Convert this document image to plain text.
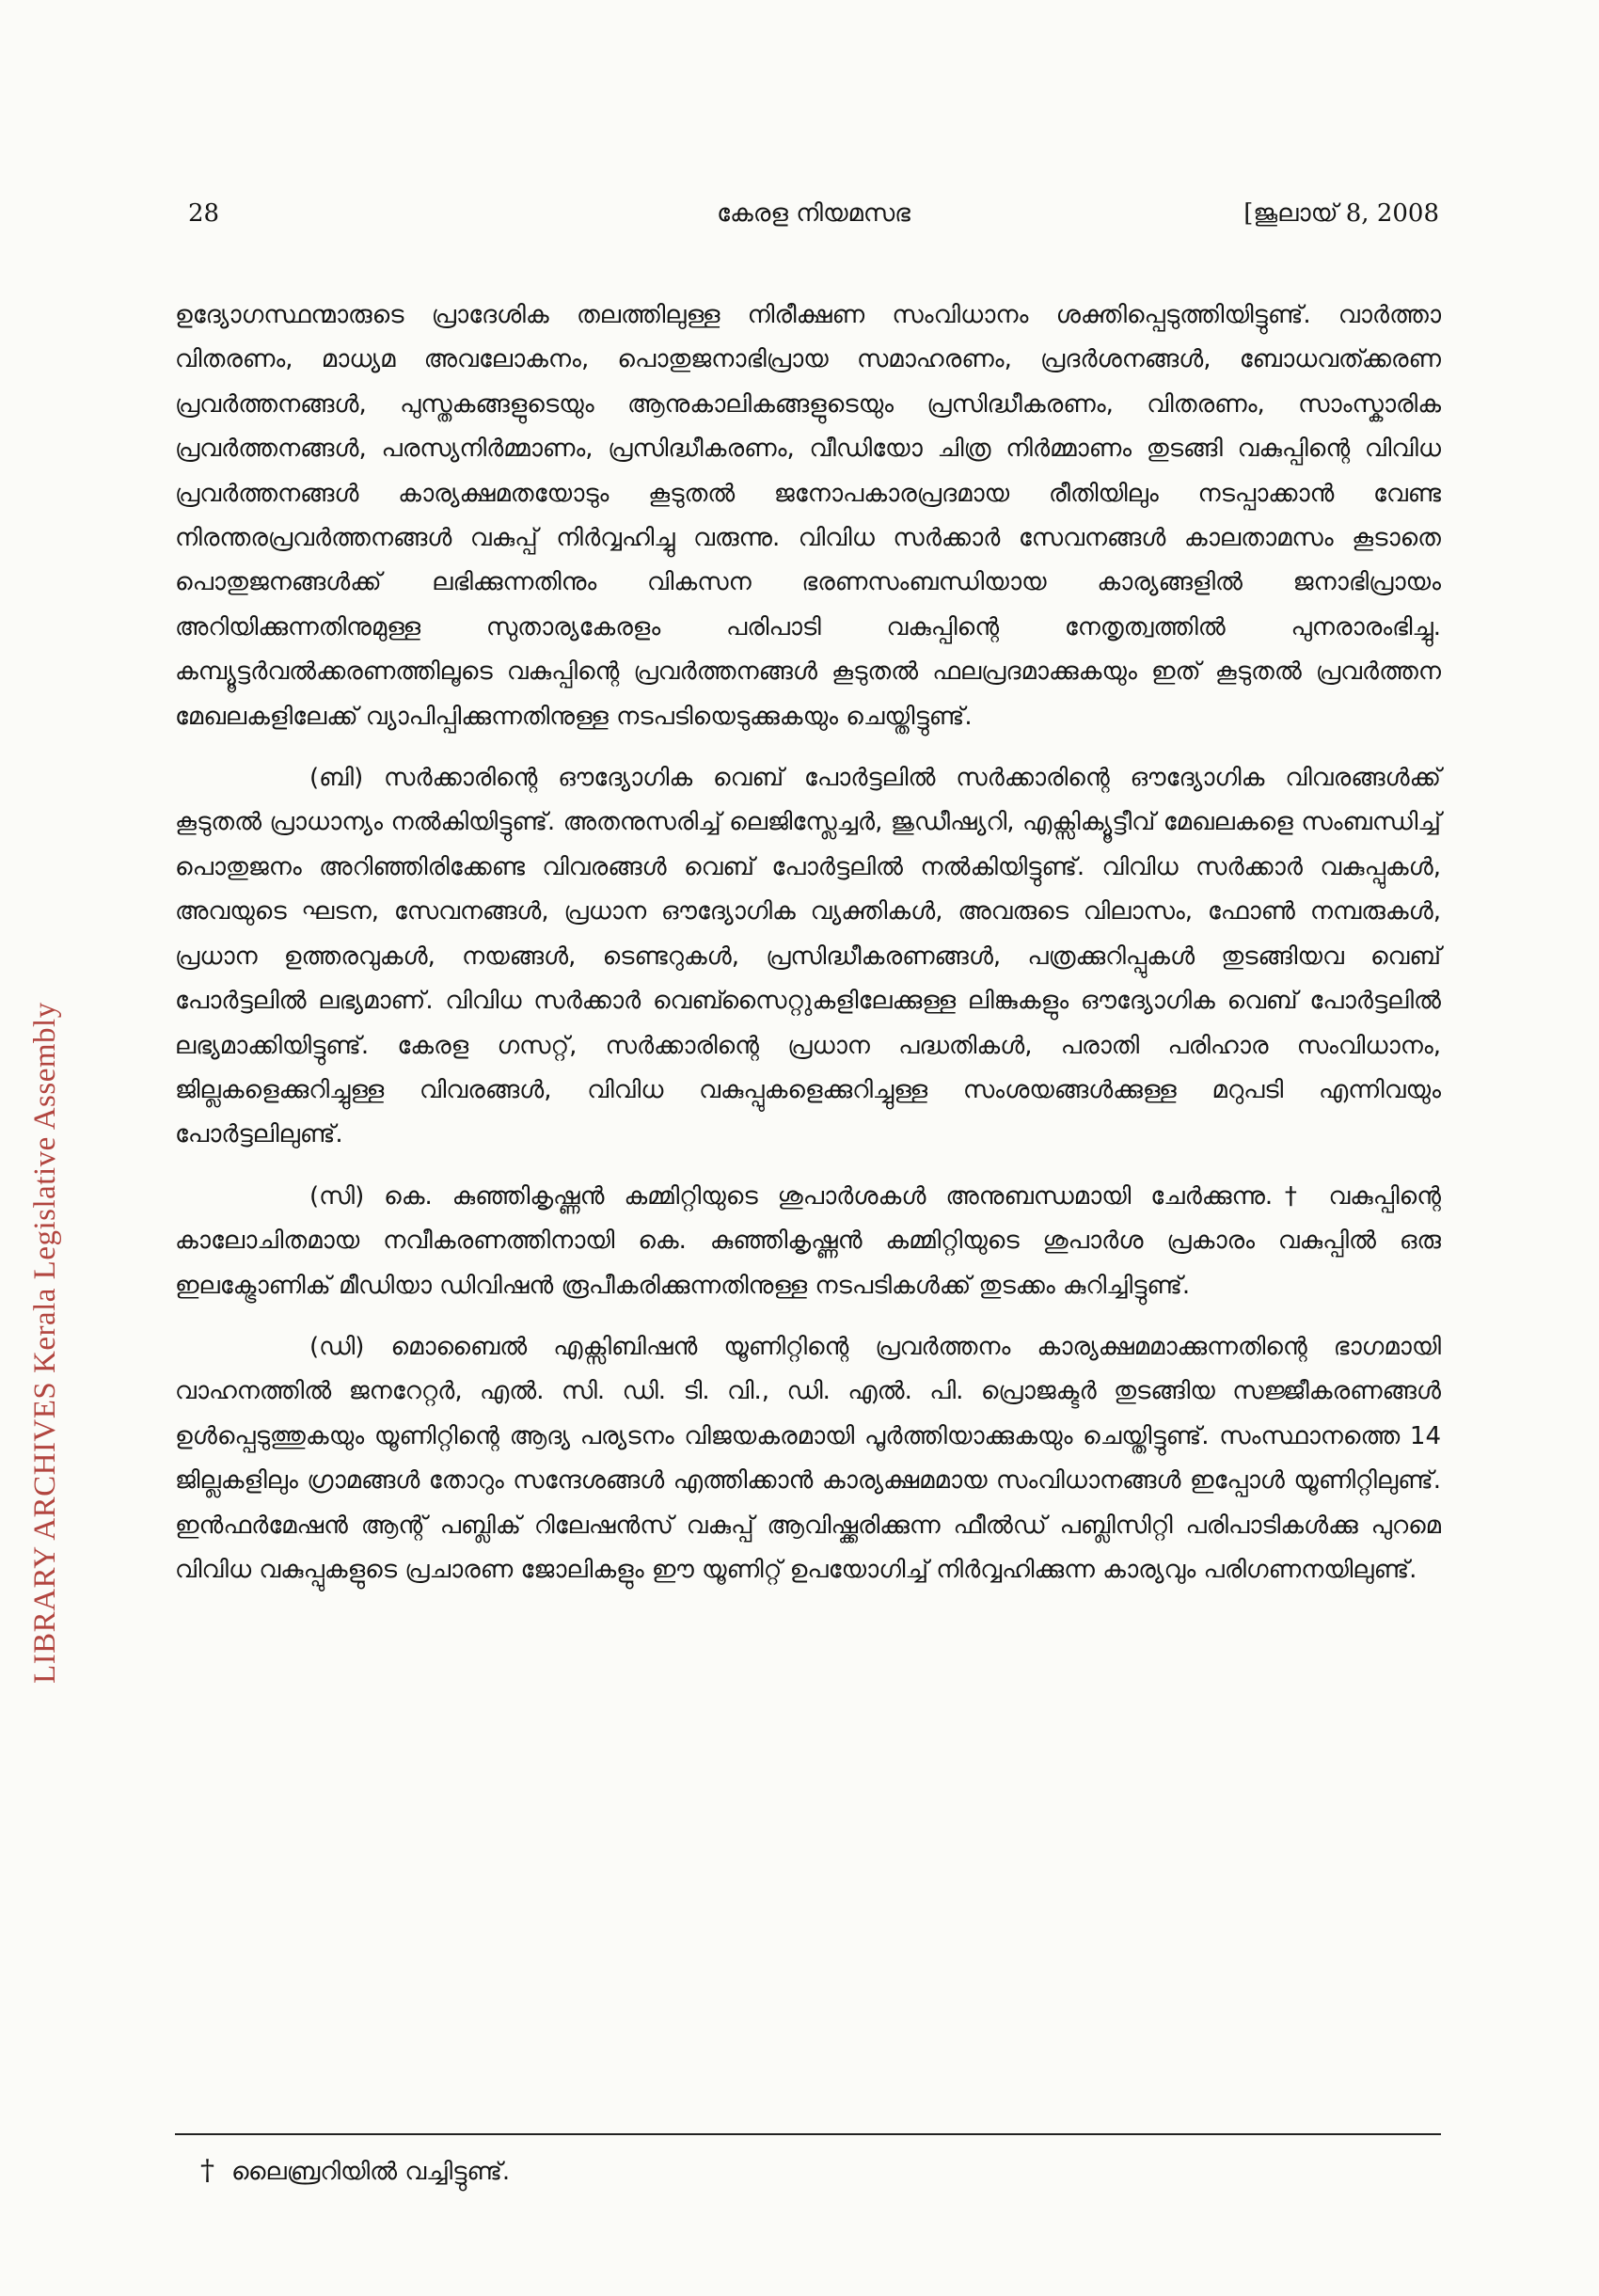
LIBRARY ARCHIVES Kerala Legislative Assembly
28	കേരള നിയമസഭ	[ജൂലായ് 8, 2008

ഉദ്യോഗസ്ഥന്മാരുടെ പ്രാദേശിക തലത്തിലുള്ള നിരീക്ഷണ സംവിധാനം ശക്തിപ്പെടുത്തിയിട്ടുണ്ട്. വാർത്താ വിതരണം, മാധ്യമ അവലോകനം, പൊതുജനാഭിപ്രായ സമാഹരണം, പ്രദർശനങ്ങൾ, ബോധവത്ക്കരണ പ്രവർത്തനങ്ങൾ, പുസ്തകങ്ങളുടെയും ആനുകാലികങ്ങളുടെയും പ്രസിദ്ധീകരണം, വിതരണം, സാംസ്കാരിക പ്രവർത്തനങ്ങൾ, പരസ്യനിർമ്മാണം, പ്രസിദ്ധീകരണം, വീഡിയോ ചിത്ര നിർമ്മാണം തുടങ്ങി വകുപ്പിന്റെ വിവിധ പ്രവർത്തനങ്ങൾ കാര്യക്ഷമതയോടും കൂടുതൽ ജനോപകാരപ്രദമായ രീതിയിലും നടപ്പാക്കാൻ വേണ്ട നിരന്തരപ്രവർത്തനങ്ങൾ വകുപ്പ് നിർവ്വഹിച്ചു വരുന്നു. വിവിധ സർക്കാർ സേവനങ്ങൾ കാലതാമസം കൂടാതെ പൊതുജനങ്ങൾക്ക് ലഭിക്കുന്നതിനും വികസന ഭരണസംബന്ധിയായ കാര്യങ്ങളിൽ ജനാഭിപ്രായം അറിയിക്കുന്നതിനുമുള്ള സുതാര്യകേരളം പരിപാടി വകുപ്പിന്റെ നേതൃത്വത്തിൽ പുനരാരംഭിച്ചു. കമ്പ്യൂട്ടർവൽക്കരണത്തിലൂടെ വകുപ്പിന്റെ പ്രവർത്തനങ്ങൾ കൂടുതൽ ഫലപ്രദമാക്കുകയും ഇത് കൂടുതൽ പ്രവർത്തന മേഖലകളിലേക്ക് വ്യാപിപ്പിക്കുന്നതിനുള്ള നടപടിയെടുക്കുകയും ചെയ്തിട്ടുണ്ട്.

(ബി) സർക്കാരിന്റെ ഔദ്യോഗിക വെബ് പോർട്ടലിൽ സർക്കാരിന്റെ ഔദ്യോഗിക വിവരങ്ങൾക്ക് കൂടുതൽ പ്രാധാന്യം നൽകിയിട്ടുണ്ട്. അതനുസരിച്ച് ലെജിസ്ലേച്ചർ, ജുഡീഷ്യറി, എക്സിക്യൂട്ടീവ് മേഖലകളെ സംബന്ധിച്ച് പൊതുജനം അറിഞ്ഞിരിക്കേണ്ട വിവരങ്ങൾ വെബ് പോർട്ടലിൽ നൽകിയിട്ടുണ്ട്. വിവിധ സർക്കാർ വകുപ്പുകൾ, അവയുടെ ഘടന, സേവനങ്ങൾ, പ്രധാന ഔദ്യോഗിക വ്യക്തികൾ, അവരുടെ വിലാസം, ഫോൺ നമ്പരുകൾ, പ്രധാന ഉത്തരവുകൾ, നയങ്ങൾ, ടെണ്ടറുകൾ, പ്രസിദ്ധീകരണങ്ങൾ, പത്രക്കുറിപ്പുകൾ തുടങ്ങിയവ വെബ് പോർട്ടലിൽ ലഭ്യമാണ്. വിവിധ സർക്കാർ വെബ്സൈറ്റുകളിലേക്കുള്ള ലിങ്കുകളും ഔദ്യോഗിക വെബ് പോർട്ടലിൽ ലഭ്യമാക്കിയിട്ടുണ്ട്. കേരള ഗസറ്റ്, സർക്കാരിന്റെ പ്രധാന പദ്ധതികൾ, പരാതി പരിഹാര സംവിധാനം, ജില്ലകളെക്കുറിച്ചുള്ള വിവരങ്ങൾ, വിവിധ വകുപ്പുകളെക്കുറിച്ചുള്ള സംശയങ്ങൾക്കുള്ള മറുപടി എന്നിവയും പോർട്ടലിലുണ്ട്.

(സി) കെ. കുഞ്ഞികൃഷ്ണൻ കമ്മിറ്റിയുടെ ശുപാർശകൾ അനുബന്ധമായി ചേർക്കുന്നു.† വകുപ്പിന്റെ കാലോചിതമായ നവീകരണത്തിനായി കെ. കുഞ്ഞികൃഷ്ണൻ കമ്മിറ്റിയുടെ ശുപാർശ പ്രകാരം വകുപ്പിൽ ഒരു ഇലക്ട്രോണിക് മീഡിയാ ഡിവിഷൻ രൂപീകരിക്കുന്നതിനുള്ള നടപടികൾക്ക് തുടക്കം കുറിച്ചിട്ടുണ്ട്.

(ഡി) മൊബൈൽ എക്സിബിഷൻ യൂണിറ്റിന്റെ പ്രവർത്തനം കാര്യക്ഷമമാക്കുന്നതിന്റെ ഭാഗമായി വാഹനത്തിൽ ജനറേറ്റർ, എൽ. സി. ഡി. ടി. വി., ഡി. എൽ. പി. പ്രൊജക്ടർ തുടങ്ങിയ സജ്ജീകരണങ്ങൾ ഉൾപ്പെടുത്തുകയും യൂണിറ്റിന്റെ ആദ്യ പര്യടനം വിജയകരമായി പൂർത്തിയാക്കുകയും ചെയ്തിട്ടുണ്ട്. സംസ്ഥാനത്തെ 14 ജില്ലകളിലും ഗ്രാമങ്ങൾ തോറും സന്ദേശങ്ങൾ എത്തിക്കാൻ കാര്യക്ഷമമായ സംവിധാനങ്ങൾ ഇപ്പോൾ യൂണിറ്റിലുണ്ട്. ഇൻഫർമേഷൻ ആന്റ് പബ്ലിക് റിലേഷൻസ് വകുപ്പ് ആവിഷ്ക്കരിക്കുന്ന ഫീൽഡ് പബ്ലിസിറ്റി പരിപാടികൾക്കു പുറമെ വിവിധ വകുപ്പുകളുടെ പ്രചാരണ ജോലികളും ഈ യൂണിറ്റ് ഉപയോഗിച്ച് നിർവ്വഹിക്കുന്ന കാര്യവും പരിഗണനയിലുണ്ട്.

† ലൈബ്രറിയിൽ വച്ചിട്ടുണ്ട്.
